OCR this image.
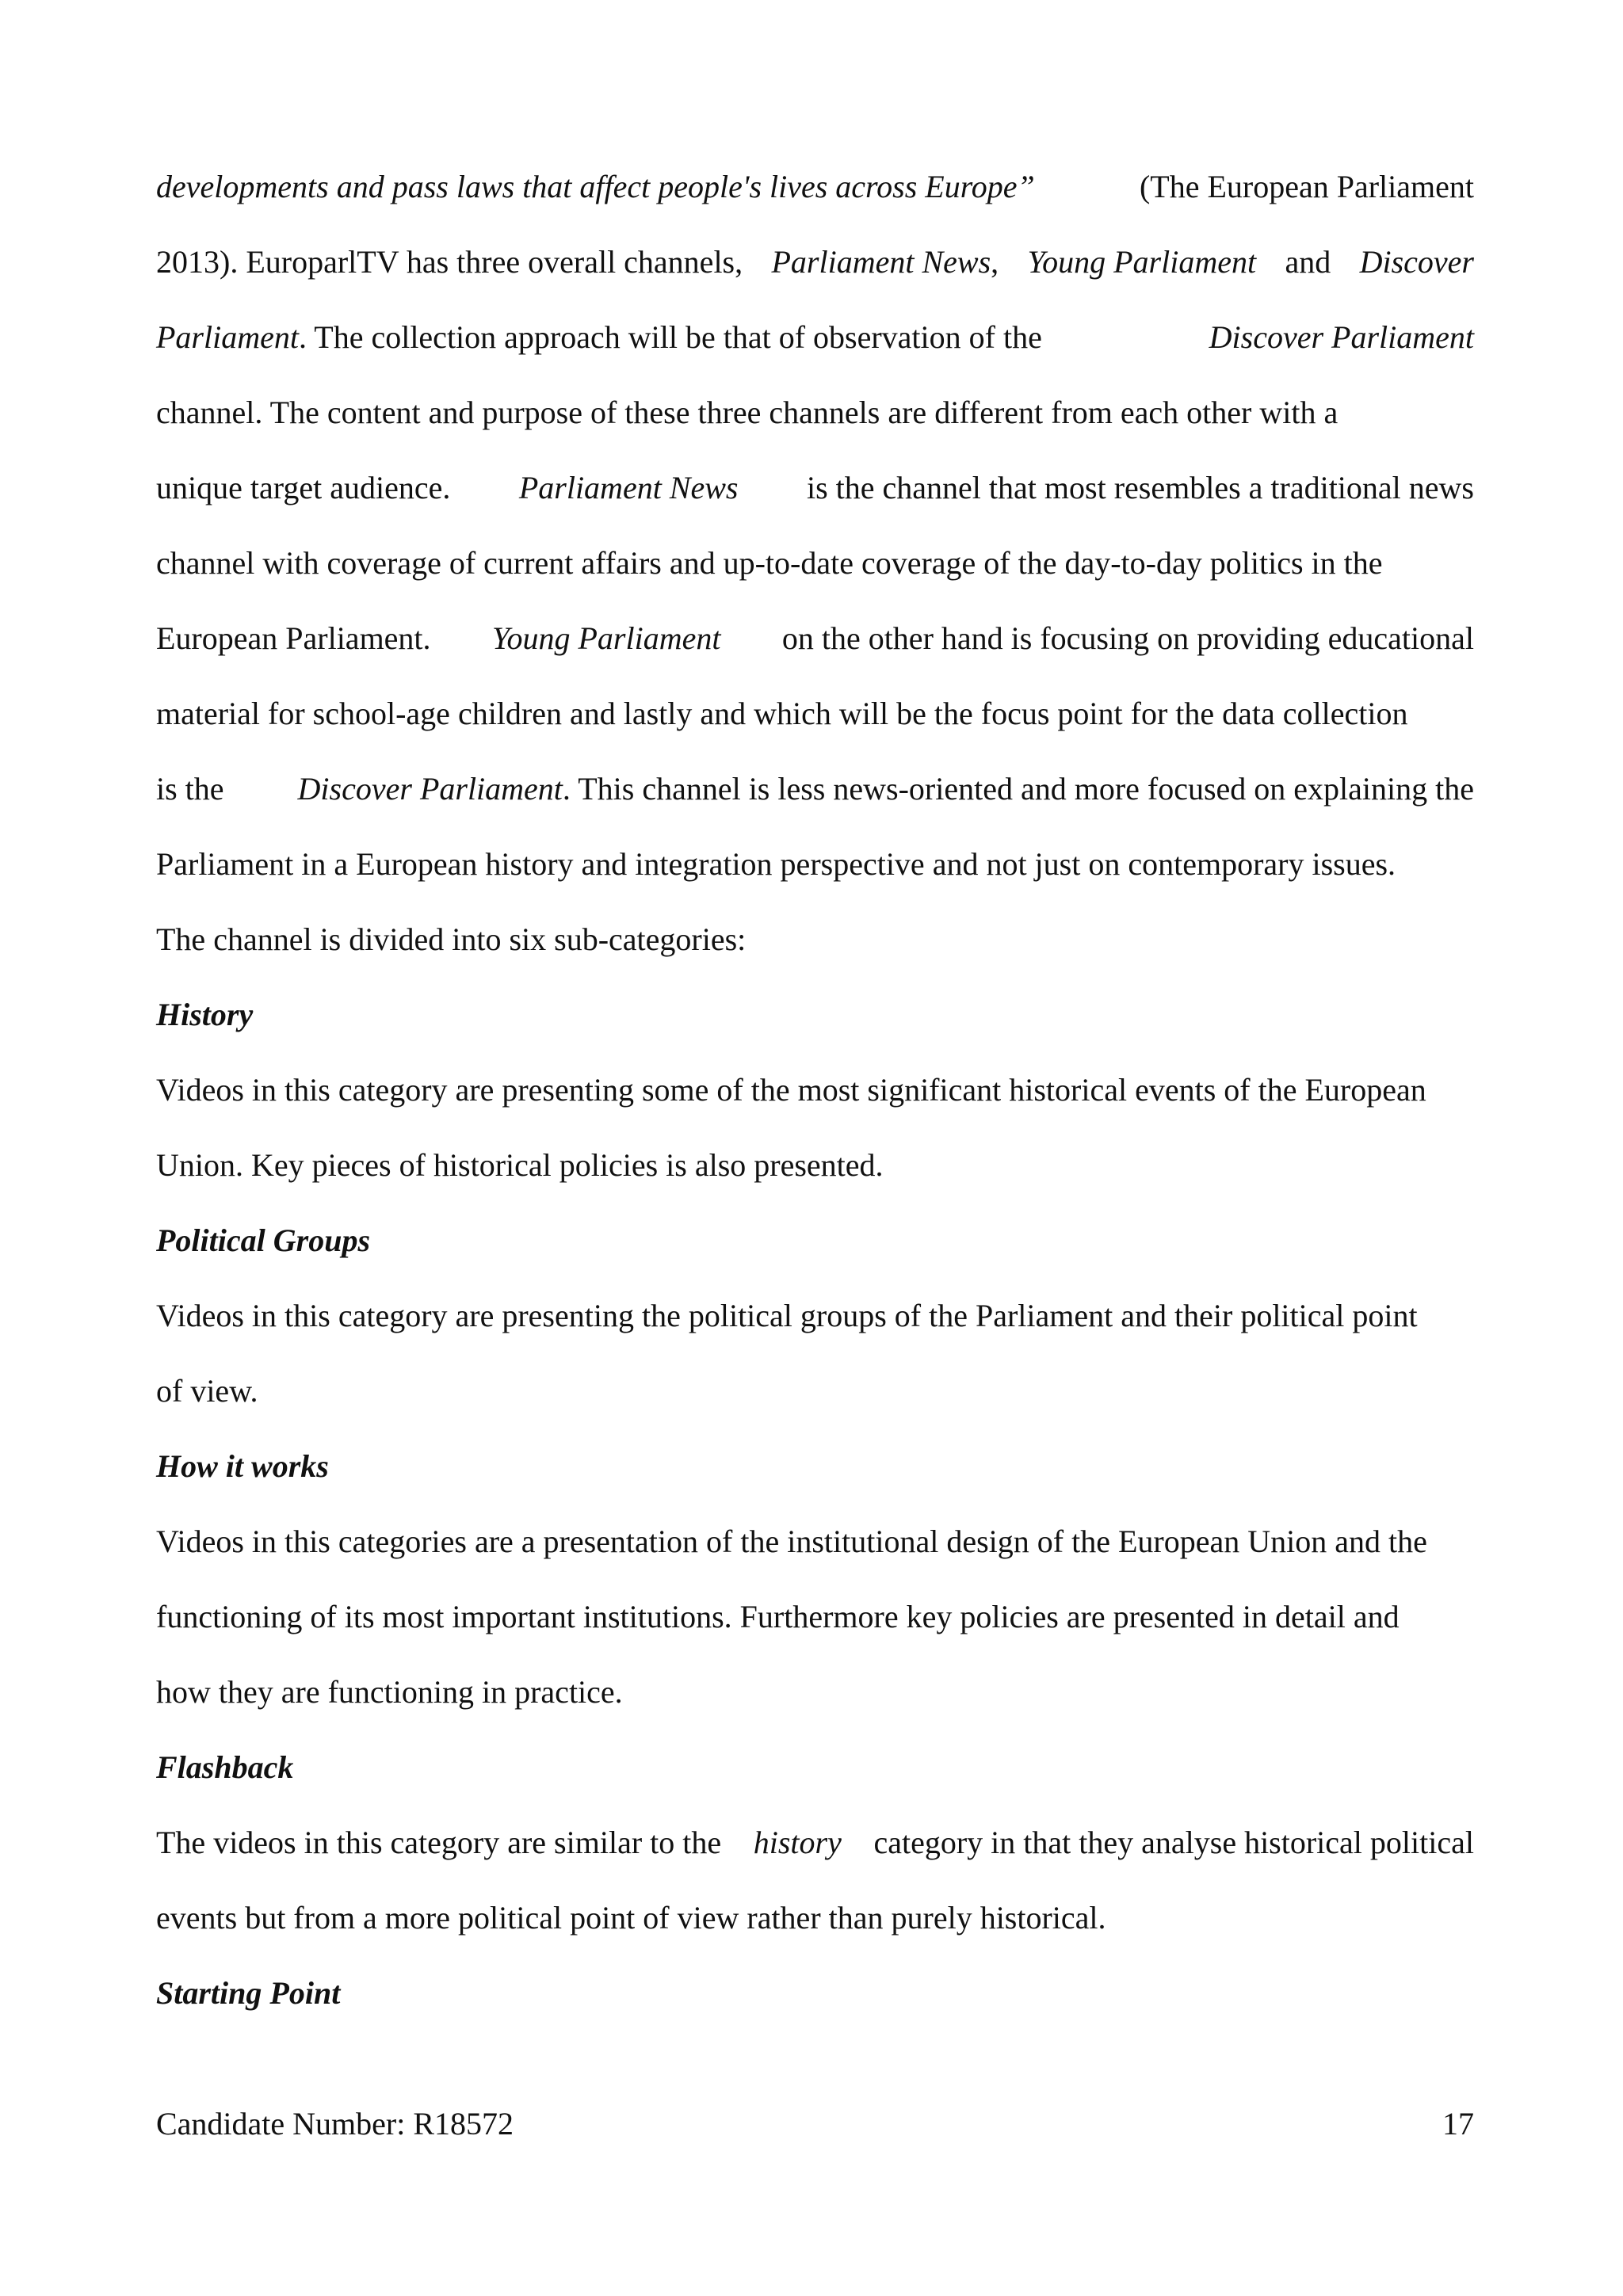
developments and pass laws that affect people's lives across Europe”	(The European Parliament
2013). EuroparlTV has three overall channels, Parliament News, Young Parliament and Discover
Parliament. The collection approach will be that of observation of the	Discover Parliament
channel. The content and purpose of these three channels are different from each other with a
unique target audience. Parliament News is the channel that most resembles a traditional news
channel with coverage of current affairs and up-to-date coverage of the day-to-day politics in the
European Parliament. Young Parliament on the other hand is focusing on providing educational
material for school-age children and lastly and which will be the focus point for the data collection
is the Discover Parliament. This channel is less news-oriented and more focused on explaining the
Parliament in a European history and integration perspective and not just on contemporary issues.
The channel is divided into six sub-categories:
History
Videos in this category are presenting some of the most significant historical events of the European
Union. Key pieces of historical policies is also presented.
Political Groups
Videos in this category are presenting the political groups of the Parliament and their political point
of view.
How it works
Videos in this categories are a presentation of the institutional design of the European Union and the
functioning of its most important institutions. Furthermore key policies are presented in detail and
how they are functioning in practice.
Flashback
The videos in this category are similar to the history category in that they analyse historical political
events but from a more political point of view rather than purely historical.
Starting Point
Candidate Number: R18572	17
